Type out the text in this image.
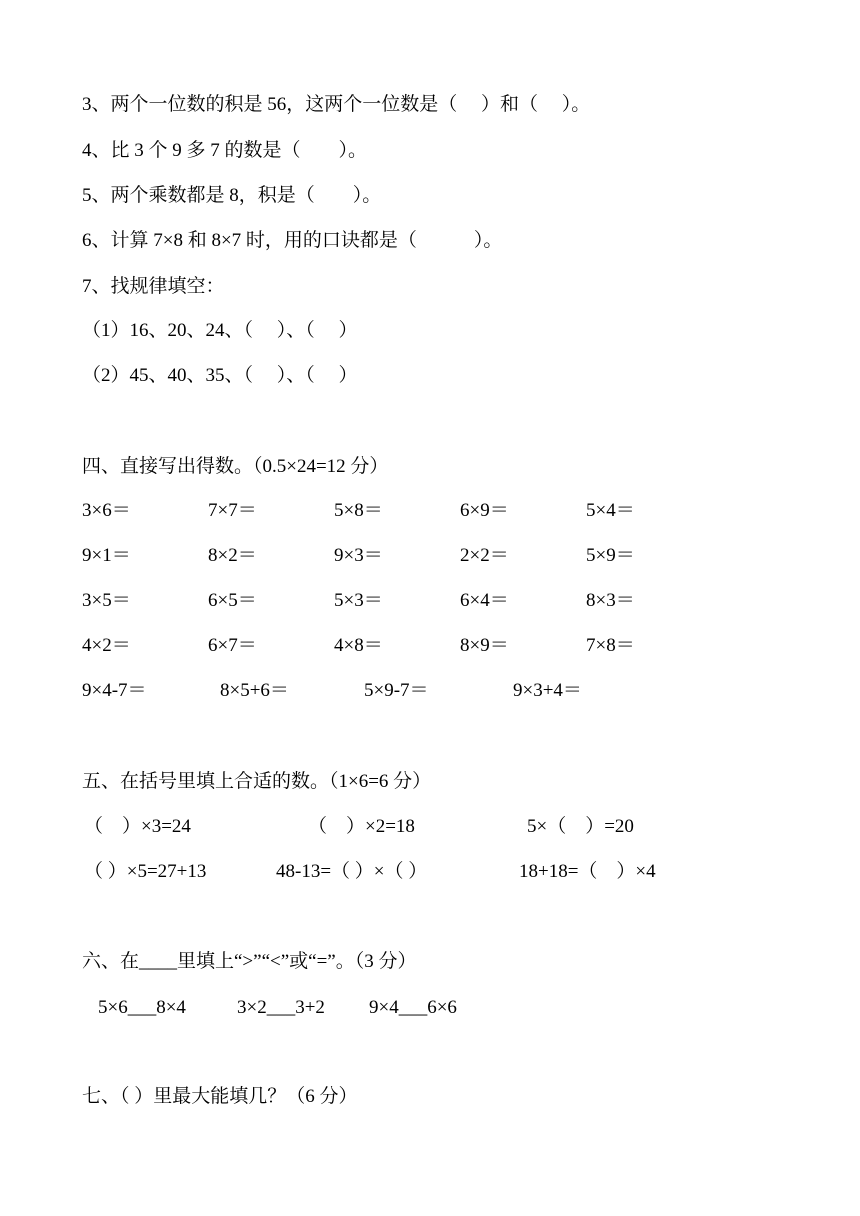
3、两个一位数的积是 56，这两个一位数是（　 ）和（　 ）。
4、比 3 个 9 多 7 的数是（　　）。
5、两个乘数都是 8，积是（　　）。
6、计算 7×8 和 8×7 时，用的口诀都是（　　　）。
7、找规律填空：
（1）16、20、24、（　 ）、（　 ）
（2）45、40、35、（　 ）、（　 ）
四、直接写出得数。（0.5×24=12 分）
3×6＝	7×7＝	5×8＝	6×9＝	5×4＝
9×1＝	8×2＝	9×3＝	2×2＝	5×9＝
3×5＝	6×5＝	5×3＝	6×4＝	8×3＝
4×2＝	6×7＝	4×8＝	8×9＝	7×8＝
9×4-7＝	8×5+6＝	5×9-7＝	9×3+4＝
五、在括号里填上合适的数。（1×6=6 分）
（　）×3=24	（　）×2=18	5×（　）=20
（ ）×5=27+13	48-13=（ ）×（ ）	18+18=（　）×4
六、在____里填上“>”“<”或“=”。（3 分）
5×6___8×4	3×2___3+2 9×4___6×6
七、（ ）里最大能填几？（6 分）
